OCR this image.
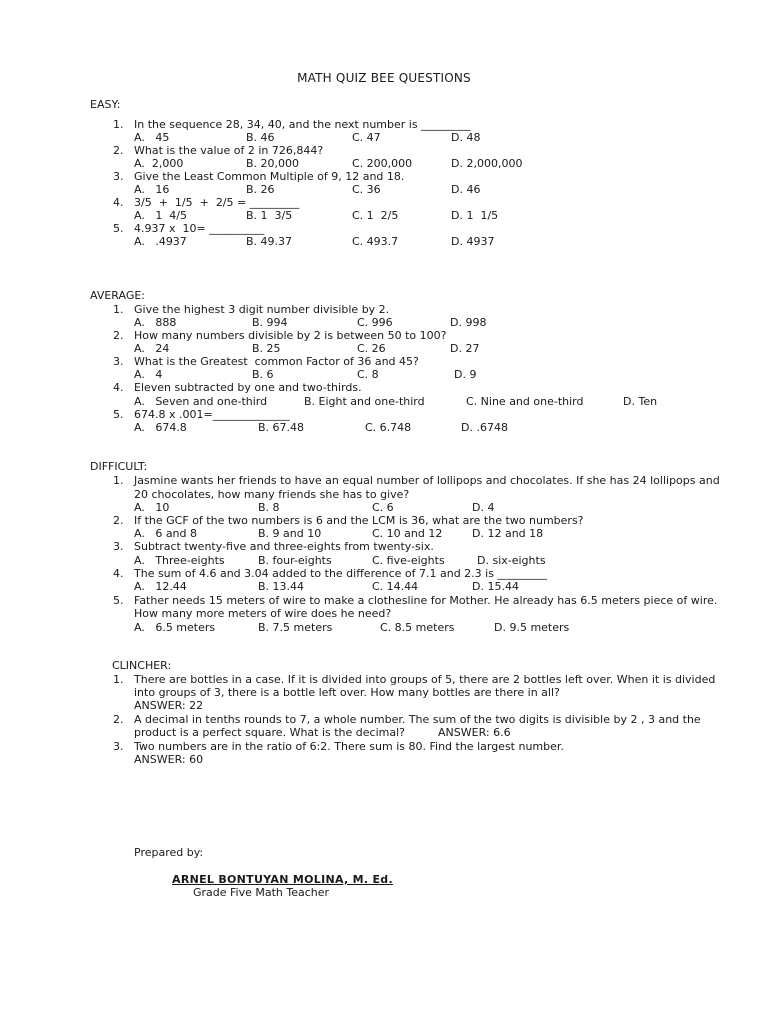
MATH QUIZ BEE QUESTIONS
EASY:
1. In the sequence 28, 34, 40, and the next number is _________
A.   45	B. 46	C. 47	D. 48
2. What is the value of 2 in 726,844?
A.  2,000	B. 20,000	C. 200,000	D. 2,000,000
3. Give the Least Common Multiple of 9, 12 and 18.
A.   16	B. 26	C. 36	D. 46
4. 3/5  +  1/5  +  2/5 = _________
A.   1  4/5	B. 1  3/5	C. 1  2/5	D. 1  1/5
5. 4.937 x  10= __________
A.   .4937	B. 49.37	C. 493.7	D. 4937
AVERAGE:
1. Give the highest 3 digit number divisible by 2.
A.   888	B. 994	C. 996	D. 998
2. How many numbers divisible by 2 is between 50 to 100?
A.   24	B. 25	C. 26	D. 27
3. What is the Greatest  common Factor of 36 and 45?
A.   4	B. 6	C. 8	D. 9
4. Eleven subtracted by one and two-thirds.
A.   Seven and one-third	B. Eight and one-third	C. Nine and one-third	D. Ten
5. 674.8 x .001=______________
A.   674.8	B. 67.48	C. 6.748	D. .6748
DIFFICULT:
1. Jasmine wants her friends to have an equal number of lollipops and chocolates. If she has 24 lollipops and
20 chocolates, how many friends she has to give?
A.   10	B. 8	C. 6	D. 4
2. If the GCF of the two numbers is 6 and the LCM is 36, what are the two numbers?
A.   6 and 8	B. 9 and 10	C. 10 and 12	D. 12 and 18
3. Subtract twenty-five and three-eights from twenty-six.
A.   Three-eights	B. four-eights	C. five-eights	D. six-eights
4. The sum of 4.6 and 3.04 added to the difference of 7.1 and 2.3 is _________
A.   12.44	B. 13.44	C. 14.44	D. 15.44
5. Father needs 15 meters of wire to make a clothesline for Mother. He already has 6.5 meters piece of wire.
How many more meters of wire does he need?
A.   6.5 meters	B. 7.5 meters	C. 8.5 meters	D. 9.5 meters
CLINCHER:
1. There are bottles in a case. If it is divided into groups of 5, there are 2 bottles left over. When it is divided
into groups of 3, there is a bottle left over. How many bottles are there in all?
ANSWER: 22
2. A decimal in tenths rounds to 7, a whole number. The sum of the two digits is divisible by 2 , 3 and the
product is a perfect square. What is the decimal?	ANSWER: 6.6
3. Two numbers are in the ratio of 6:2. There sum is 80. Find the largest number.
ANSWER: 60
Prepared by:
ARNEL BONTUYAN MOLINA, M. Ed.
Grade Five Math Teacher
